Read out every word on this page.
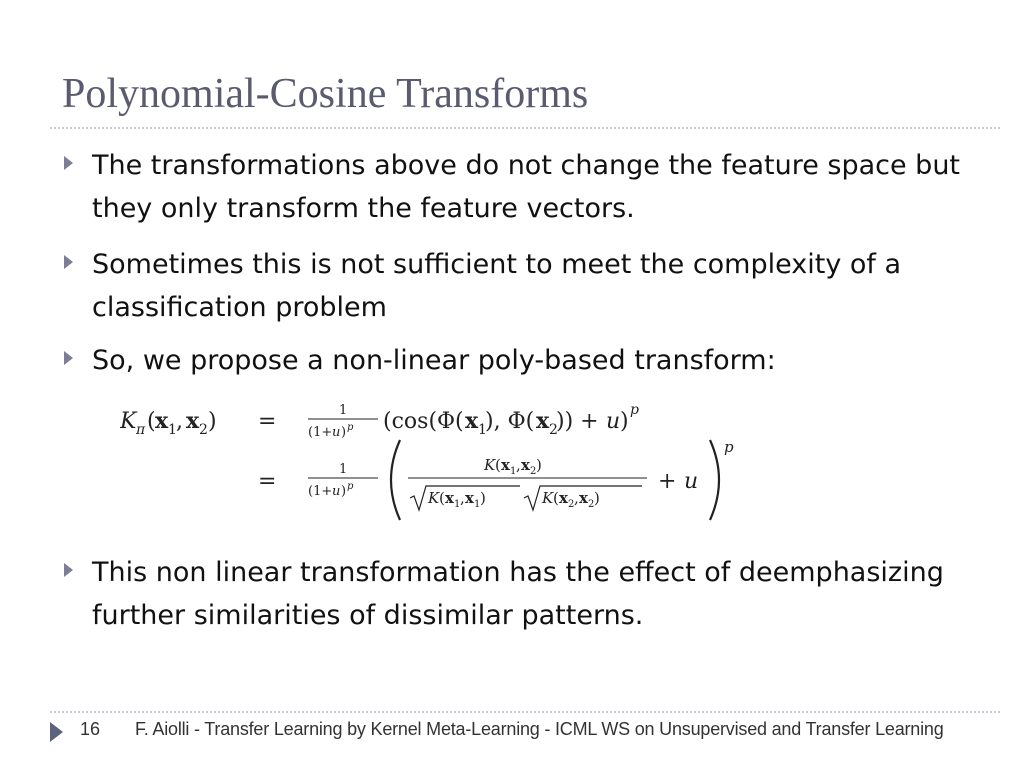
Polynomial-Cosine Transforms
The transformations above do not change the feature space but they only transform the feature vectors.
Sometimes this is not sufficient to meet the complexity of a classification problem
So, we propose a non-linear poly-based transform:
K π ( x 1 , x 2 ) =	1
(1+ u ) p (cos(Φ( x 1
), Φ( x 2
)) + u ) p
=	1
(1+ u ) p
K ( x 1 , x 2 )
K ( x 1 , x 1 )	K ( x 2 , x 2 )
+ u
p
This non linear transformation has the effect of deemphasizing further similarities of dissimilar patterns.
16 F. Aiolli - Transfer Learning by Kernel Meta-Learning - ICML WS on Unsupervised and Transfer Learning
